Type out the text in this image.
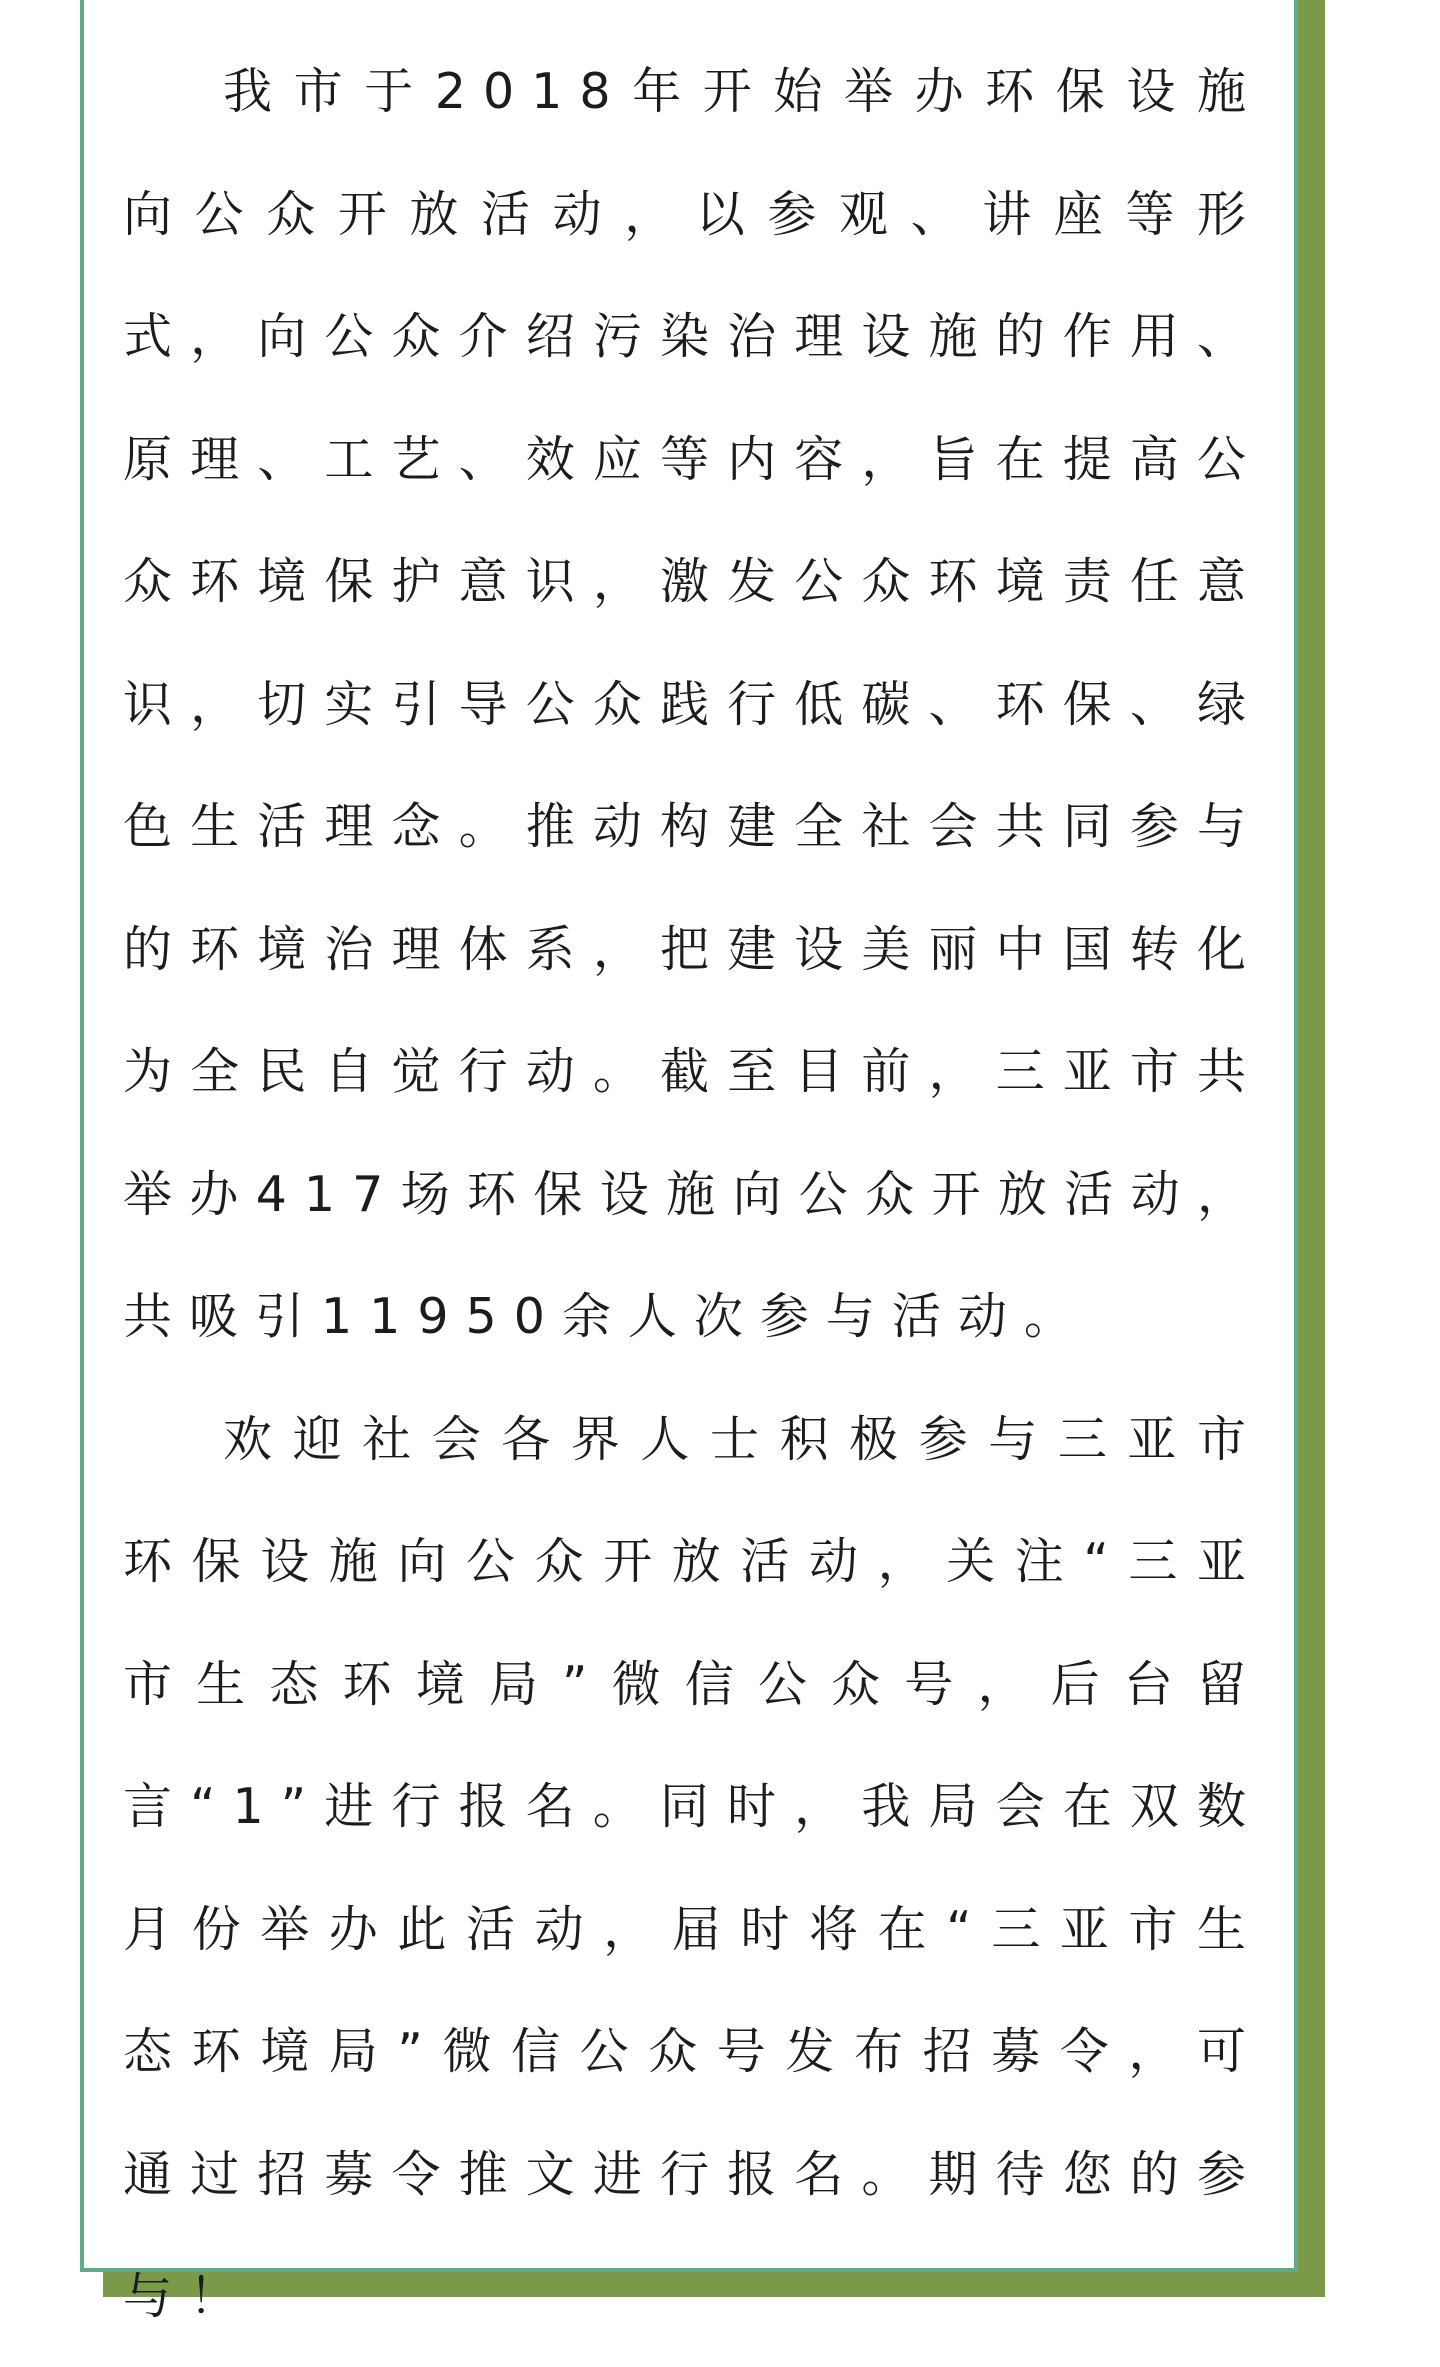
我市于2018年开始举办环保设施向公众开放活动，以参观、讲座等形式，向公众介绍污染治理设施的作用、原理、工艺、效应等内容，旨在提高公众环境保护意识，激发公众环境责任意识，切实引导公众践行低碳、环保、绿色生活理念。推动构建全社会共同参与的环境治理体系，把建设美丽中国转化为全民自觉行动。截至目前，三亚市共举办417场环保设施向公众开放活动，共吸引11950余人次参与活动。

欢迎社会各界人士积极参与三亚市环保设施向公众开放活动，关注“三亚市生态环境局”微信公众号，后台留言“1”进行报名。同时，我局会在双数月份举办此活动，届时将在“三亚市生态环境局”微信公众号发布招募令，可通过招募令推文进行报名。期待您的参与！
